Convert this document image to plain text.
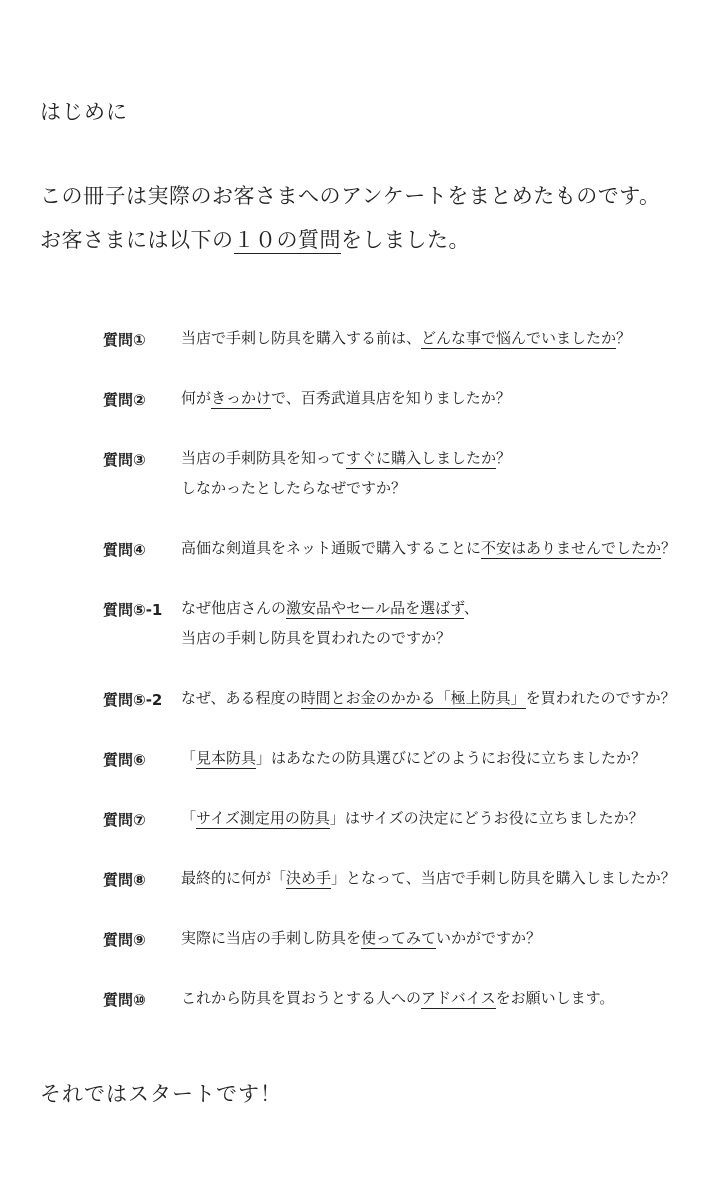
はじめに
この冊子は実際のお客さまへのアンケートをまとめたものです。
お客さまには以下の１０の質問をしました。
質問① 当店で手刺し防具を購入する前は、どんな事で悩んでいましたか？
質問② 何がきっかけで、百秀武道具店を知りましたか？
質問③ 当店の手刺防具を知ってすぐに購入しましたか？
しなかったとしたらなぜですか？
質問④ 高価な剣道具をネット通販で購入することに不安はありませんでしたか？
質問⑤-1 なぜ他店さんの激安品やセール品を選ばず、
当店の手刺し防具を買われたのですか？
質問⑤-2 なぜ、ある程度の時間とお金のかかる「極上防具」を買われたのですか？
質問⑥ 「見本防具」はあなたの防具選びにどのようにお役に立ちましたか？
質問⑦ 「サイズ測定用の防具」はサイズの決定にどうお役に立ちましたか？
質問⑧ 最終的に何が「決め手」となって、当店で手刺し防具を購入しましたか？
質問⑨ 実際に当店の手刺し防具を使ってみていかがですか？
質問⑩ これから防具を買おうとする人へのアドバイスをお願いします。
それではスタートです！
